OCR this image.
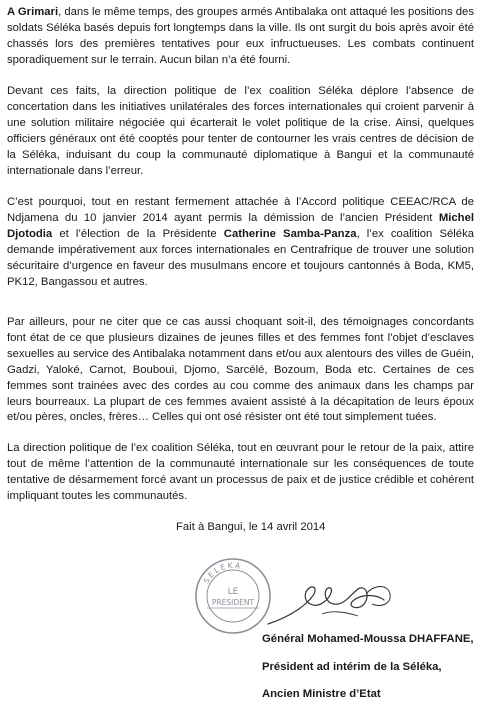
A Grimari, dans le même temps, des groupes armés Antibalaka ont attaqué les positions des soldats Séléka basés depuis fort longtemps dans la ville. Ils ont surgit du bois après avoir été chassés lors des premières tentatives pour eux infructueuses. Les combats continuent sporadiquement sur le terrain. Aucun bilan n’a été fourni.

Devant ces faits, la direction politique de l’ex coalition Séléka déplore l’absence de concertation dans les initiatives unilatérales des forces internationales qui croient parvenir à une solution militaire négociée qui écarterait le volet politique de la crise. Ainsi, quelques officiers généraux ont été cooptés pour tenter de contourner les vrais centres de décision de la Séléka, induisant du coup la communauté diplomatique à Bangui et la communauté internationale dans l’erreur.

C’est pourquoi, tout en restant fermement attachée à l’Accord politique CEEAC/RCA de Ndjamena du 10 janvier 2014 ayant permis la démission de l’ancien Président Michel Djotodia et l’élection de la Présidente Catherine Samba-Panza, l’ex coalition Séléka demande impérativement aux forces internationales en Centrafrique de trouver une solution sécuritaire d’urgence en faveur des musulmans encore et toujours cantonnés à Boda, KM5, PK12, Bangassou et autres.

Par ailleurs, pour ne citer que ce cas aussi choquant soit-il, des témoignages concordants font état de ce que plusieurs dizaines de jeunes filles et des femmes font l’objet d’esclaves sexuelles au service des Antibalaka notamment dans et/ou aux alentours des villes de Guéin, Gadzi, Yaloké, Carnot, Bouboui, Djomo, Sarcélé, Bozoum, Boda etc. Certaines de ces femmes sont trainées avec des cordes au cou comme des animaux dans les champs par leurs bourreaux. La plupart de ces femmes avaient assisté à la décapitation de leurs époux et/ou pères, oncles, frères… Celles qui ont osé résister ont été tout simplement tuées.

La direction politique de l’ex coalition Séléka, tout en œuvrant pour le retour de la paix, attire tout de même l’attention de la communauté internationale sur les conséquences de toute tentative de désarmement forcé avant un processus de paix et de justice crédible et cohérent impliquant toutes les communautés.

Fait à Bangui, le 14 avril 2014
SELEKA
LE
PRESIDENT
Général Mohamed-Moussa DHAFFANE,
Président ad intérim de la Séléka,
Ancien Ministre d’Etat
